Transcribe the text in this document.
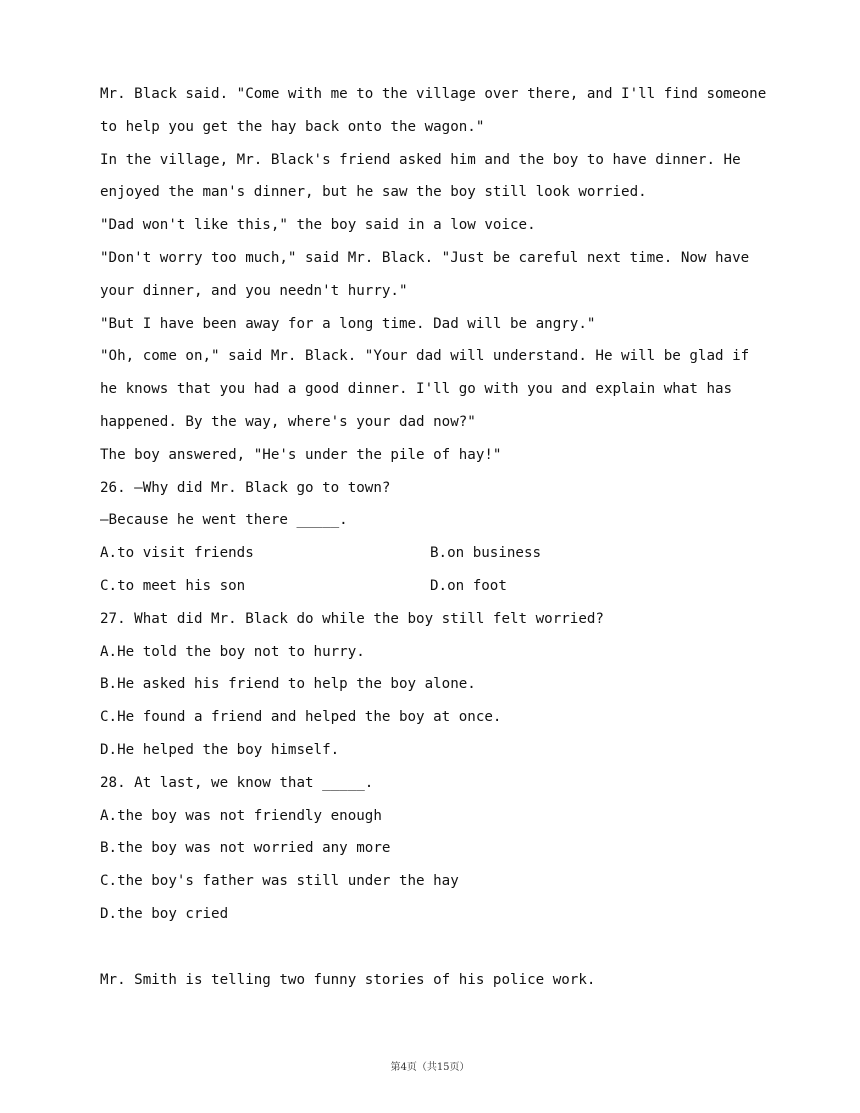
Mr. Black said. "Come with me to the village over there, and I'll find someone
to help you get the hay back onto the wagon."
In the village, Mr. Black's friend asked him and the boy to have dinner. He
enjoyed the man's dinner, but he saw the boy still look worried.
"Dad won't like this," the boy said in a low voice.
"Don't worry too much," said Mr. Black. "Just be careful next time. Now have
your dinner, and you needn't hurry."
"But I have been away for a long time. Dad will be angry."
"Oh, come on," said Mr. Black. "Your dad will understand. He will be glad if
he knows that you had a good dinner. I'll go with you and explain what has
happened. By the way, where's your dad now?"
The boy answered, "He's under the pile of hay!"
26. —Why did Mr. Black go to town?
—Because he went there _____.
A.to visit friends	B.on business
C.to meet his son	D.on foot
27. What did Mr. Black do while the boy still felt worried?
A.He told the boy not to hurry.
B.He asked his friend to help the boy alone.
C.He found a friend and helped the boy at once.
D.He helped the boy himself.
28. At last, we know that _____.
A.the boy was not friendly enough
B.the boy was not worried any more
C.the boy's father was still under the hay
D.the boy cried
Mr. Smith is telling two funny stories of his police work.
第4页（共15页）
